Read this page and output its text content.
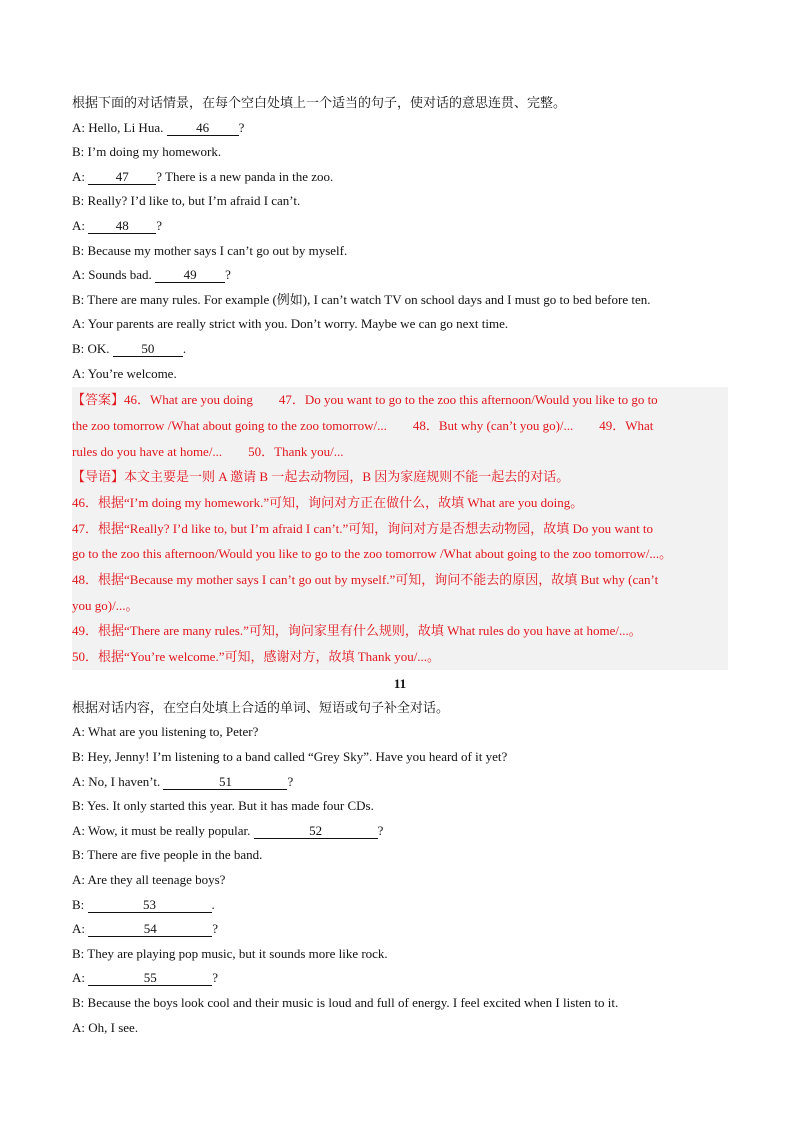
根据下面的对话情景，在每个空白处填上一个适当的句子，使对话的意思连贯、完整。
A: Hello, Li Hua. 46 ?
B: I’m doing my homework.
A: 47 ? There is a new panda in the zoo.
B: Really? I’d like to, but I’m afraid I can’t.
A: 48 ?
B: Because my mother says I can’t go out by myself.
A: Sounds bad. 49 ?
B: There are many rules. For example (例如), I can’t watch TV on school days and I must go to bed before ten.
A: Your parents are really strict with you. Don’t worry. Maybe we can go next time.
B: OK. 50 .
A: You’re welcome.
【答案】46．What are you doing　　47．Do you want to go to the zoo this afternoon/Would you like to go to
the zoo tomorrow /What about going to the zoo tomorrow/...　　48．But why (can’t you go)/...　　49．What
rules do you have at home/...　　50．Thank you/...
【导语】本文主要是一则 A 邀请 B 一起去动物园，B 因为家庭规则不能一起去的对话。
46．根据“I’m doing my homework.”可知，询问对方正在做什么，故填 What are you doing。
47．根据“Really? I’d like to, but I’m afraid I can’t.”可知，询问对方是否想去动物园，故填 Do you want to
go to the zoo this afternoon/Would you like to go to the zoo tomorrow /What about going to the zoo tomorrow/...。
48．根据“Because my mother says I can’t go out by myself.”可知，询问不能去的原因，故填 But why (can’t
you go)/...。
49．根据“There are many rules.”可知，询问家里有什么规则，故填 What rules do you have at home/...。
50．根据“You’re welcome.”可知，感谢对方，故填 Thank you/...。
11
根据对话内容，在空白处填上合适的单词、短语或句子补全对话。
A: What are you listening to, Peter?
B: Hey, Jenny! I’m listening to a band called “Grey Sky”. Have you heard of it yet?
A: No, I haven’t.	51	?
B: Yes. It only started this year. But it has made four CDs.
A: Wow, it must be really popular.	52	?
B: There are five people in the band.
A: Are they all teenage boys?
B:	53	.
A:	54	?
B: They are playing pop music, but it sounds more like rock.
A:	55	?
B: Because the boys look cool and their music is loud and full of energy. I feel excited when I listen to it.
A: Oh, I see.
